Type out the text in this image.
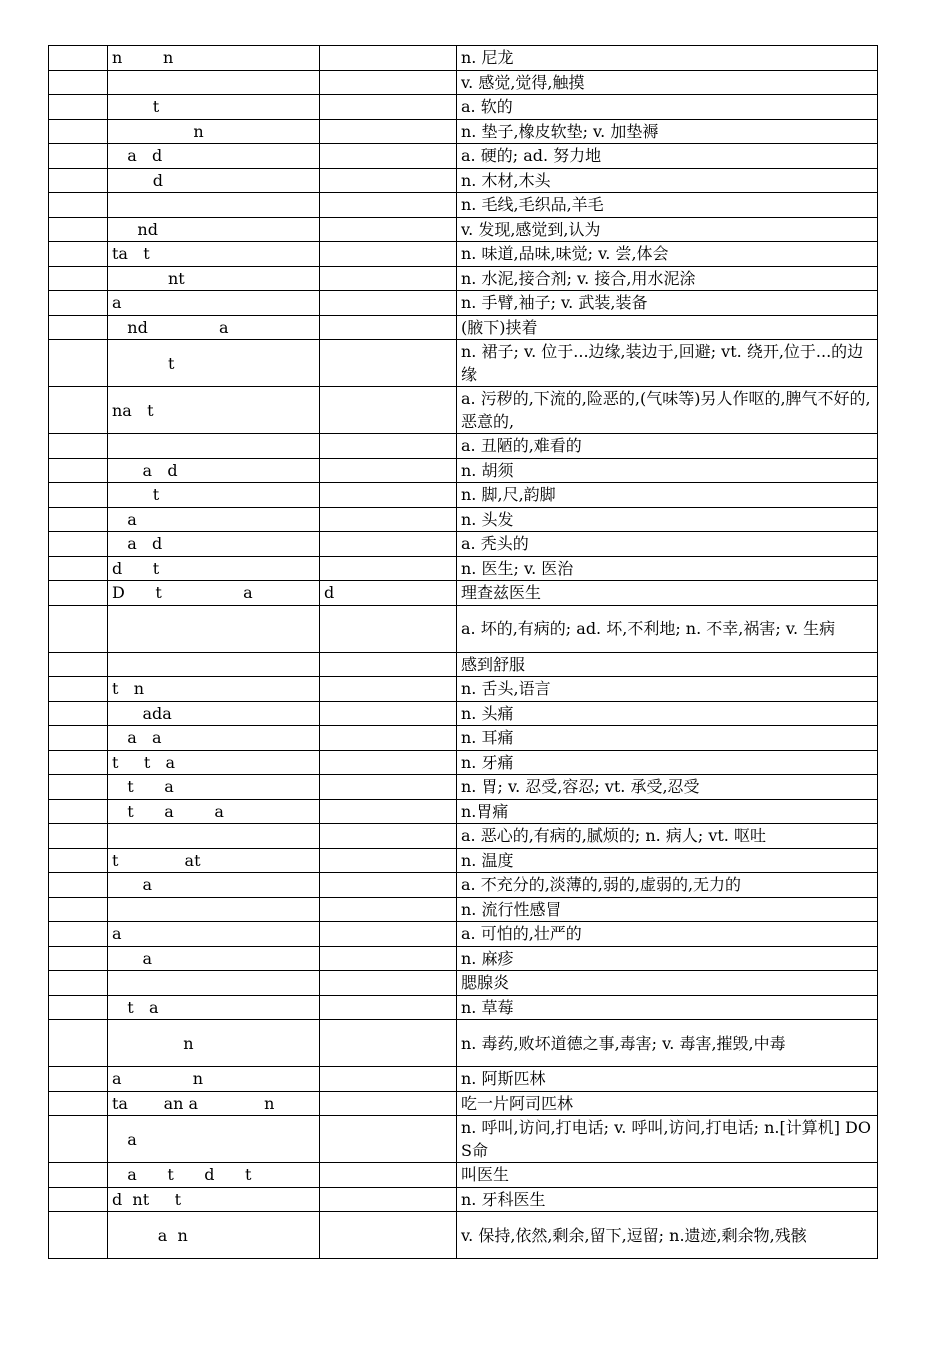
	n        n		n. 尼龙
			v. 感觉,觉得,触摸
	t		a. 软的
	n		n. 垫子,橡皮软垫; v. 加垫褥
	a   d		a. 硬的; ad. 努力地
	d		n. 木材,木头
			n. 毛线,毛织品,羊毛
	nd		v. 发现,感觉到,认为
	ta   t		n. 味道,品味,味觉; v. 尝,体会
	nt		n. 水泥,接合剂; v. 接合,用水泥涂
	a		n. 手臂,袖子; v. 武装,装备
	nd              a		(腋下)挟着
	t		n. 裙子; v. 位于...边缘,装边于,回避; vt. 绕开,位于...的边缘
	na   t		a. 污秽的,下流的,险恶的,(气味等)另人作呕的,脾气不好的,恶意的,
			a. 丑陋的,难看的
	a   d		n. 胡须
	t		n. 脚,尺,韵脚
	a		n. 头发
	a   d		a. 秃头的
	d      t		n. 医生; v. 医治
	D      t                a	d	理查兹医生
			a. 坏的,有病的; ad. 坏,不利地; n. 不幸,祸害; v. 生病
			感到舒服
	t   n		n. 舌头,语言
	ada		n. 头痛
	a   a		n. 耳痛
	t     t   a		n. 牙痛
	t      a		n. 胃; v. 忍受,容忍; vt. 承受,忍受
	t      a        a		n.胃痛
			a. 恶心的,有病的,腻烦的; n. 病人; vt. 呕吐
	t             at		n. 温度
	a		a. 不充分的,淡薄的,弱的,虚弱的,无力的
			n. 流行性感冒
	a		a. 可怕的,壮严的
	a		n. 麻疹
			腮腺炎
	t   a		n. 草莓
	n		n. 毒药,败坏道德之事,毒害; v. 毒害,摧毁,中毒
	a              n		n. 阿斯匹林
	ta       an a             n		吃一片阿司匹林
	a		n. 呼叫,访问,打电话; v. 呼叫,访问,打电话; n.[计算机] DOS命
	a      t      d      t		叫医生
	d  nt     t		n. 牙科医生
	a  n		v. 保持,依然,剩余,留下,逗留; n.遗迹,剩余物,残骸
